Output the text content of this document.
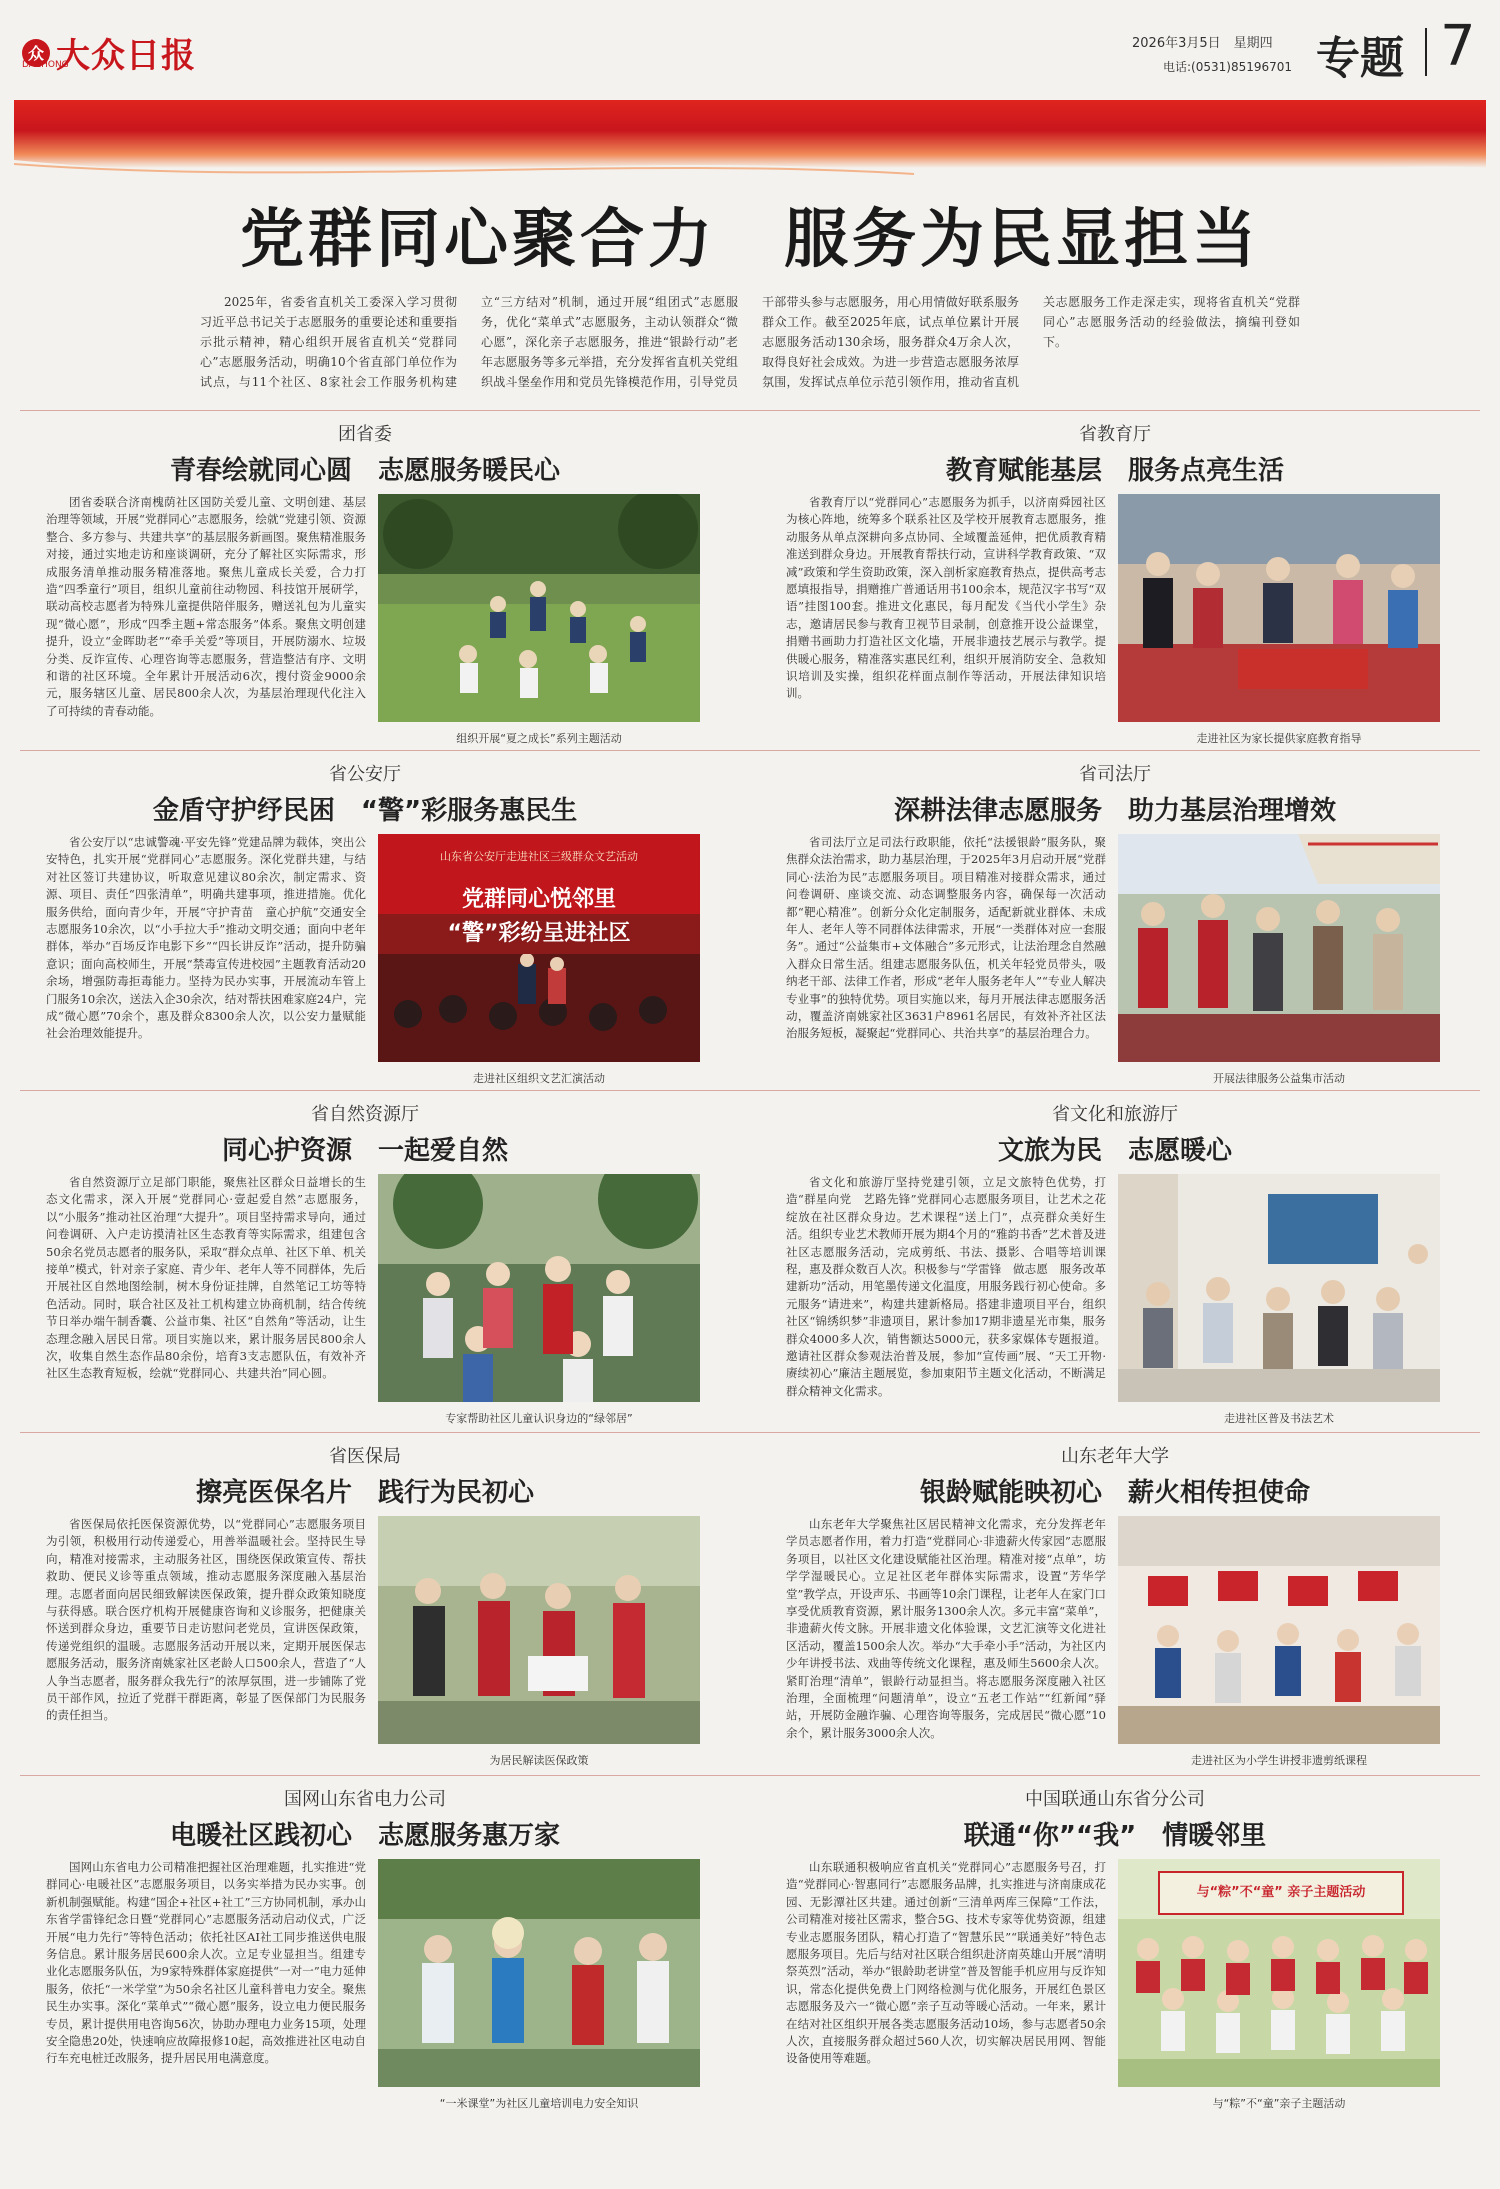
众 大众日报
DAZHONG
2026年3月5日　星期四
电话:(0531)85196701 专题 7
党群同心聚合力　服务为民显担当
2025年，省委省直机关工委深入学习贯彻习近平总书记关于志愿服务的重要论述和重要指示批示精神，精心组织开展省直机关“党群同心”志愿服务活动，明确10个省直部门单位作为试点，与11个社区、8家社会工作服务机构建立“三方结对”机制，通过开展“组团式”志愿服务，优化“菜单式”志愿服务，主动认领群众“微心愿”，深化亲子志愿服务，推进“银龄行动”老年志愿服务等多元举措，充分发挥省直机关党组织战斗堡垒作用和党员先锋模范作用，引导党员干部带头参与志愿服务，用心用情做好联系服务群众工作。截至2025年底，试点单位累计开展志愿服务活动130余场，服务群众4万余人次，取得良好社会成效。为进一步营造志愿服务浓厚氛围，发挥试点单位示范引领作用，推动省直机关志愿服务工作走深走实，现将省直机关“党群同心”志愿服务活动的经验做法，摘编刊登如下。
团省委
青春绘就同心圆　志愿服务暖民心
团省委联合济南槐荫社区国防关爱儿童、文明创建、基层治理等领域，开展“党群同心”志愿服务，绘就“党建引领、资源整合、多方参与、共建共享”的基层服务新画图。聚焦精准服务对接，通过实地走访和座谈调研，充分了解社区实际需求，形成服务清单推动服务精准落地。聚焦儿童成长关爱，合力打造“四季童行”项目，组织儿童前往动物园、科技馆开展研学，联动高校志愿者为特殊儿童提供陪伴服务，赠送礼包为儿童实现“微心愿”，形成“四季主题+常态服务”体系。聚焦文明创建提升，设立“金晖助老”“牵手关爱”等项目，开展防溺水、垃圾分类、反诈宣传、心理咨询等志愿服务，营造整洁有序、文明和谐的社区环境。全年累计开展活动6次，搜付资金9000余元，服务辖区儿童、居民800余人次，为基层治理现代化注入了可持续的青春动能。
组织开展“夏之成长”系列主题活动
省教育厅
教育赋能基层　服务点亮生活
省教育厅以“党群同心”志愿服务为抓手，以济南舜园社区为核心阵地，统筹多个联系社区及学校开展教育志愿服务，推动服务从单点深耕向多点协同、全域覆盖延伸，把优质教育精准送到群众身边。开展教育帮扶行动，宣讲科学教育政策、“双减”政策和学生资助政策，深入剖析家庭教育热点，提供高考志愿填报指导，捐赠推广普通话用书100余本，规范汉字书写“双语”挂图100套。推进文化惠民，每月配发《当代小学生》杂志，邀请居民参与教育卫视节目录制，创意推开设公益课堂，捐赠书画助力打造社区文化墙，开展非遗技艺展示与教学。提供暖心服务，精准落实惠民红利，组织开展消防安全、急救知识培训及实操，组织花样面点制作等活动，开展法律知识培训。
走进社区为家长提供家庭教育指导
省公安厅
金盾守护纾民困　“警”彩服务惠民生
省公安厅以“忠诚警魂·平安先锋”党建品牌为载体，突出公安特色，扎实开展“党群同心”志愿服务。深化党群共建，与结对社区签订共建协议，听取意见建议80余次，制定需求、资源、项目、责任“四张清单”，明确共建事项，推进措施。优化服务供给，面向青少年，开展“守护青苗　童心护航”交通安全志愿服务10余次，以“小手拉大手”推动文明交通；面向中老年群体，举办“百场反诈电影下乡”“四长讲反诈”活动，提升防骗意识；面向高校师生，开展“禁毒宣传进校园”主题教育活动20余场，增强防毒拒毒能力。坚持为民办实事，开展流动车管上门服务10余次，送法入企30余次，结对帮扶困难家庭24户，完成“微心愿”70余个，惠及群众8300余人次，以公安力量赋能社会治理效能提升。
山东省公安厅走进社区三级群众文艺活动
党群同心悦邻里
“警”彩纷呈进社区
走进社区组织文艺汇演活动
省司法厅
深耕法律志愿服务　助力基层治理增效
省司法厅立足司法行政职能，依托“法援银龄”服务队，聚焦群众法治需求，助力基层治理，于2025年3月启动开展“党群同心·法治为民”志愿服务项目。项目精准对接群众需求，通过问卷调研、座谈交流、动态调整服务内容，确保每一次活动都“靶心精准”。创新分众化定制服务，适配新就业群体、未成年人、老年人等不同群体法律需求，开展“一类群体对应一套服务”。通过“公益集市+文体融合”多元形式，让法治理念自然融入群众日常生活。组建志愿服务队伍，机关年轻党员带头，吸纳老干部、法律工作者，形成“老年人服务老年人”“专业人解决专业事”的独特优势。项目实施以来，每月开展法律志愿服务活动，覆盖济南姚家社区3631户8961名居民，有效补齐社区法治服务短板，凝聚起“党群同心、共治共享”的基层治理合力。
开展法律服务公益集市活动
省自然资源厅
同心护资源　一起爱自然
省自然资源厅立足部门职能，聚焦社区群众日益增长的生态文化需求，深入开展“党群同心·壹起爱自然”志愿服务，以“小服务”推动社区治理“大提升”。项目坚持需求导向，通过问卷调研、入户走访摸清社区生态教育等实际需求，组建包含50余名党员志愿者的服务队，采取“群众点单、社区下单、机关接单”模式，针对亲子家庭、青少年、老年人等不同群体，先后开展社区自然地图绘制，树木身份证挂牌，自然笔记工坊等特色活动。同时，联合社区及社工机构建立协商机制，结合传统节日举办端午制香囊、公益市集、社区“自然角”等活动，让生态理念融入居民日常。项目实施以来，累计服务居民800余人次，收集自然生态作品80余份，培育3支志愿队伍，有效补齐社区生态教育短板，绘就“党群同心、共建共治”同心圆。
专家帮助社区儿童认识身边的“绿邻居”
省文化和旅游厅
文旅为民　志愿暖心
省文化和旅游厅坚持党建引领，立足文旅特色优势，打造“群星向党　艺路先锋”党群同心志愿服务项目，让艺术之花绽放在社区群众身边。艺术课程“送上门”，点亮群众美好生活。组织专业艺术教师开展为期4个月的“雅韵书香”艺术普及进社区志愿服务活动，完成剪纸、书法、摄影、合唱等培训课程，惠及群众数百人次。积极参与“学雷锋　做志愿　服务改革建新功”活动，用笔墨传递文化温度，用服务践行初心使命。多元服务“请进来”，构建共建新格局。搭建非遗项目平台，组织社区“锦绣织梦”非遗项目，累计参加17期非遗星光市集，服务群众4000多人次，销售额达5000元，获多家媒体专题报道。邀请社区群众参观法治普及展，参加“宣传画”展、“天工开物·赓续初心”廉洁主题展览，参加東阳节主题文化活动，不断满足群众精神文化需求。
走进社区普及书法艺术
省医保局
擦亮医保名片　践行为民初心
省医保局依托医保资源优势，以“党群同心”志愿服务项目为引领，积极用行动传递爱心，用善举温暖社会。坚持民生导向，精准对接需求，主动服务社区，围绕医保政策宣传、帮扶救助、便民义诊等重点领域，推动志愿服务深度融入基层治理。志愿者面向居民细致解读医保政策，提升群众政策知晓度与获得感。联合医疗机构开展健康咨询和义诊服务，把健康关怀送到群众身边，重要节日走访慰问老党员，宣讲医保政策，传递党组织的温暖。志愿服务活动开展以来，定期开展医保志愿服务活动，服务济南姚家社区老龄人口500余人，营造了“人人争当志愿者，服务群众我先行”的浓厚氛围，进一步铺陈了党员干部作风，拉近了党群干群距离，彰显了医保部门为民服务的责任担当。
为居民解读医保政策
山东老年大学
银龄赋能映初心　薪火相传担使命
山东老年大学聚焦社区居民精神文化需求，充分发挥老年学员志愿者作用，着力打造“党群同心·非遗薪火传家园”志愿服务项目，以社区文化建设赋能社区治理。精准对接“点单”，坊学学湿暖民心。立足社区老年群体实际需求，设置“芳华学堂”教学点，开设声乐、书画等10余门课程，让老年人在家门口享受优质教育资源，累计服务1300余人次。多元丰富“菜单”，非遗薪火传文脉。开展非遗文化体验课，文艺汇演等文化进社区活动，覆盖1500余人次。举办“大手牵小手”活动，为社区内少年讲授书法、戏曲等传统文化课程，惠及师生5600余人次。紧盯治理“清单”，银龄行动显担当。将志愿服务深度融入社区治理，全面梳理“问题清单”，设立“五老工作站”“红新闻”驿站，开展防金融诈骗、心理咨询等服务，完成居民“微心愿”10余个，累计服务3000余人次。
走进社区为小学生讲授非遗剪纸课程
国网山东省电力公司
电暖社区践初心　志愿服务惠万家
国网山东省电力公司精准把握社区治理难题，扎实推进“党群同心·电暖社区”志愿服务项目，以务实举措为民办实事。创新机制强赋能。构建“国企+社区+社工”三方协同机制，承办山东省学雷锋纪念日暨“党群同心”志愿服务活动启动仪式，广泛开展“电力先行”等特色活动；依托社区AI社工同步推送供电服务信息。累计服务居民600余人次。立足专业显担当。组建专业化志愿服务队伍，为9家特殊群体家庭提供“一对一”电力延伸服务，依托“一米学堂”为50余名社区儿童科普电力安全。聚焦民生办实事。深化“菜单式”“微心愿”服务，设立电力便民服务专员，累计提供用电咨询56次，协助办理电力业务15项，处理安全隐患20处，快速响应故障报修10起，高效推进社区电动自行车充电桩迁改服务，提升居民用电满意度。
“一米课堂”为社区儿童培训电力安全知识
中国联通山东省分公司
联通“你”“我”　情暖邻里
山东联通积极响应省直机关“党群同心”志愿服务号召，打造“党群同心·智惠同行”志愿服务品牌，扎实推进与济南康成花园、无影潭社区共建。通过创新“三清单两库三保障”工作法，公司精准对接社区需求，整合5G、技术专家等优势资源，组建专业志愿服务团队，精心打造了“智慧乐民”“联通美好”特色志愿服务项目。先后与结对社区联合组织赴济南英雄山开展“清明祭英烈”活动，举办“银龄助老讲堂”普及智能手机应用与反诈知识，常态化提供免费上门网络检测与优化服务，开展红色景区志愿服务及六一“微心愿”亲子互动等暖心活动。一年来，累计在结对社区组织开展各类志愿服务活动10场，参与志愿者50余人次，直接服务群众超过560人次，切实解决居民用网、智能设备使用等难题。
与“粽”不“童” 亲子主题活动
与“粽”不“童”亲子主题活动
